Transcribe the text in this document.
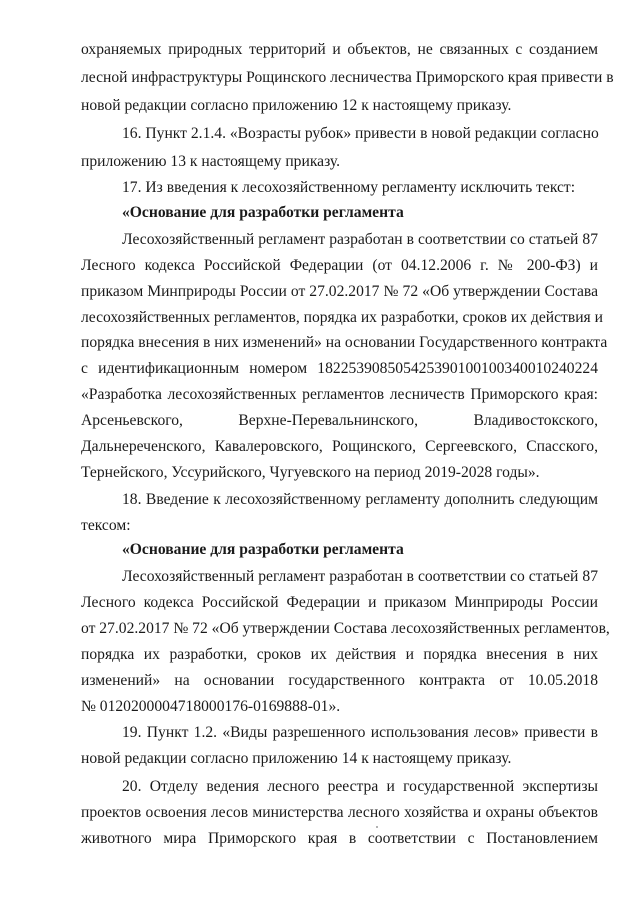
охраняемых природных территорий и объектов, не связанных с созданием
лесной инфраструктуры Рощинского лесничества Приморского края привести в
новой редакции согласно приложению 12 к настоящему приказу.
16. Пункт 2.1.4. «Возрасты рубок» привести в новой редакции согласно
приложению 13 к настоящему приказу.
17. Из введения к лесохозяйственному регламенту исключить текст:
«Основание для разработки регламента
Лесохозяйственный регламент разработан в соответствии со статьей 87
Лесного кодекса Российской Федерации (от 04.12.2006 г. № 200-ФЗ) и
приказом Минприроды России от 27.02.2017 № 72 «Об утверждении Состава
лесохозяйственных регламентов, порядка их разработки, сроков их действия и
порядка внесения в них изменений» на основании Государственного контракта
с идентификационным номером 182253908505425390100100340010240224
«Разработка лесохозяйственных регламентов лесничеств Приморского края:
Арсеньевского, Верхне-Перевальнинского, Владивостокского,
Дальнереченского, Кавалеровского, Рощинского, Сергеевского, Спасского,
Тернейского, Уссурийского, Чугуевского на период 2019-2028 годы».
18. Введение к лесохозяйственному регламенту дополнить следующим
тексом:
«Основание для разработки регламента
Лесохозяйственный регламент разработан в соответствии со статьей 87
Лесного кодекса Российской Федерации и приказом Минприроды России
от 27.02.2017 № 72 «Об утверждении Состава лесохозяйственных регламентов,
порядка их разработки, сроков их действия и порядка внесения в них
изменений» на основании государственного контракта от 10.05.2018
№ 0120200004718000176-0169888-01».
19. Пункт 1.2. «Виды разрешенного использования лесов» привести в
новой редакции согласно приложению 14 к настоящему приказу.
20. Отделу ведения лесного реестра и государственной экспертизы
проектов освоения лесов министерства лесного хозяйства и охраны объектов
животного мира Приморского края в соответствии с Постановлением
